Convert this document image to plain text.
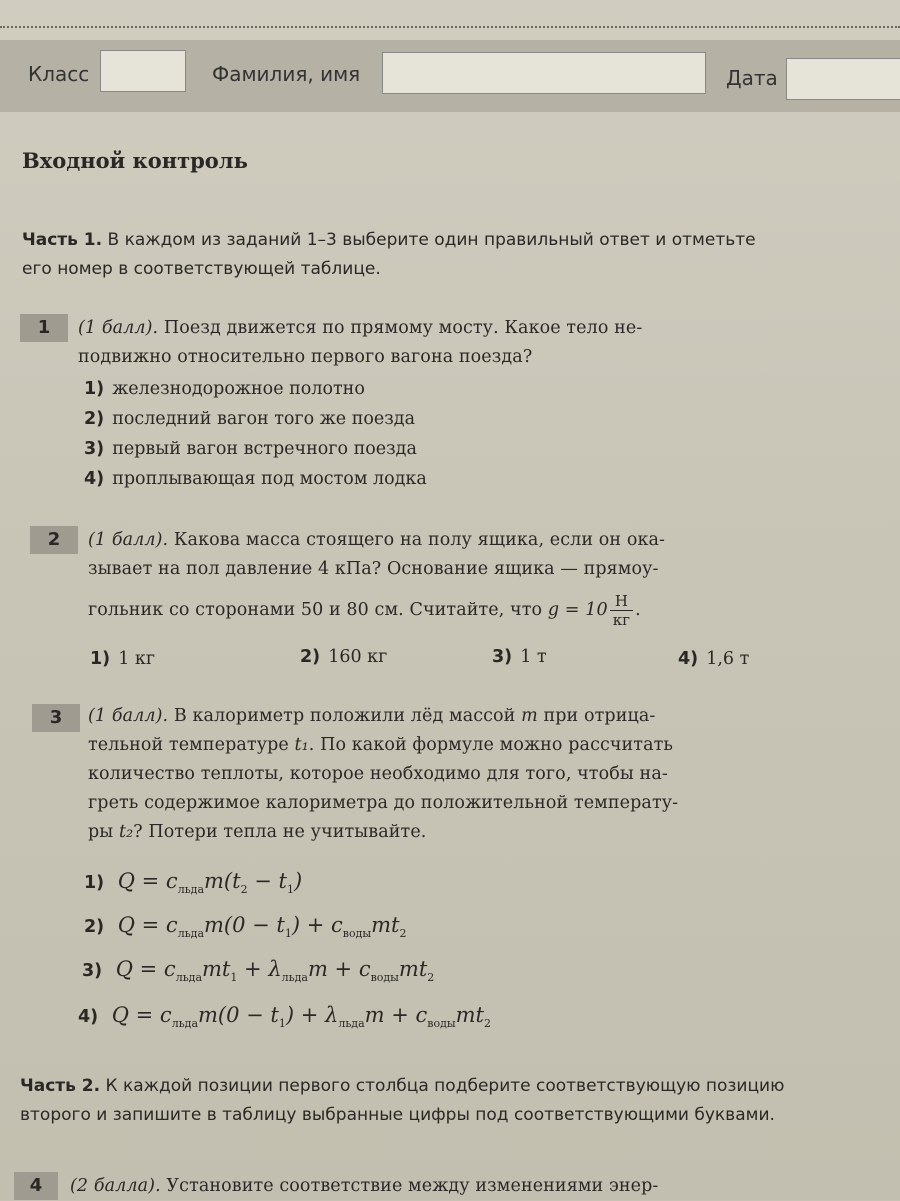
Класс	Фамилия, имя	Дата
Входной контроль

Часть 1. В каждом из заданий 1–3 выберите один правильный ответ и отметьте
его номер в соответствующей таблице.

1	(1 балл). Поезд движется по прямому мосту. Какое тело не-
подвижно относительно первого вагона поезда?

1) железнодорожное полотно
2) последний вагон того же поезда
3) первый вагон встречного поезда
4) проплывающая под мостом лодка
2	(1 балл). Какова масса стоящего на полу ящика, если он ока-
зывает на пол давление 4 кПа? Основание ящика — прямоу-

гольник со сторонами 50 и 80 см. Считайте, что $g = 10 \frac{Н}{кг}$ .

1) 1 кг	2) 160 кг	3) 1 т	4) 1,6 т
3	(1 балл). В калориметр положили лёд массой m при отрица-
тельной температуре t₁. По какой формуле можно рассчитать
количество теплоты, которое необходимо для того, чтобы на-
греть содержимое калориметра до положительной температу-
ры t₂? Потери тепла не учитывайте.

1) $Q = c_{льда}m(t_2 - t_1)$
2) $Q = c_{льда}m(0 - t_1) + c_{воды}mt_2$
3) $Q = c_{льда}mt_1 + \lambda_{льда}m + c_{воды}mt_2$
4) $Q = c_{льда}m(0 - t_1) + \lambda_{льда}m + c_{воды}mt_2$

Часть 2. К каждой позиции первого столбца подберите соответствующую позицию
второго и запишите в таблицу выбранные цифры под соответствующими буквами.

4	(2 балла). Установите соответствие между изменениями энер-
